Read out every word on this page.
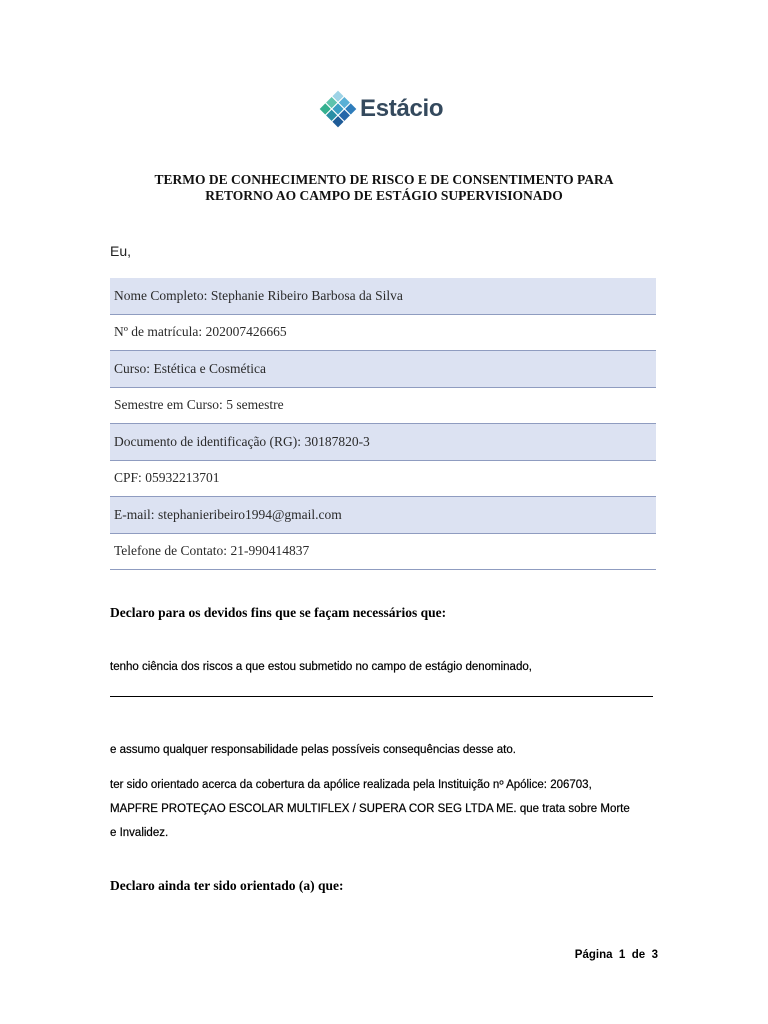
Estácio
TERMO DE CONHECIMENTO DE RISCO E DE CONSENTIMENTO PARA
RETORNO AO CAMPO DE ESTÁGIO SUPERVISIONADO
Eu,
Nome Completo: Stephanie Ribeiro Barbosa da Silva
Nº de matrícula: 202007426665
Curso: Estética e Cosmética
Semestre em Curso: 5 semestre
Documento de identificação (RG): 30187820-3
CPF: 05932213701
E-mail: stephanieribeiro1994@gmail.com
Telefone de Contato: 21-990414837
Declaro para os devidos fins que se façam necessários que:
tenho ciência dos riscos a que estou submetido no campo de estágio denominado,
e assumo qualquer responsabilidade pelas possíveis consequências desse ato.
ter sido orientado acerca da cobertura da apólice realizada pela Instituição nº Apólice: 206703,
MAPFRE PROTEÇAO ESCOLAR MULTIFLEX / SUPERA COR SEG LTDA ME. que trata sobre Morte
e Invalidez.
Declaro ainda ter sido orientado (a) que:
Página 1 de 3
